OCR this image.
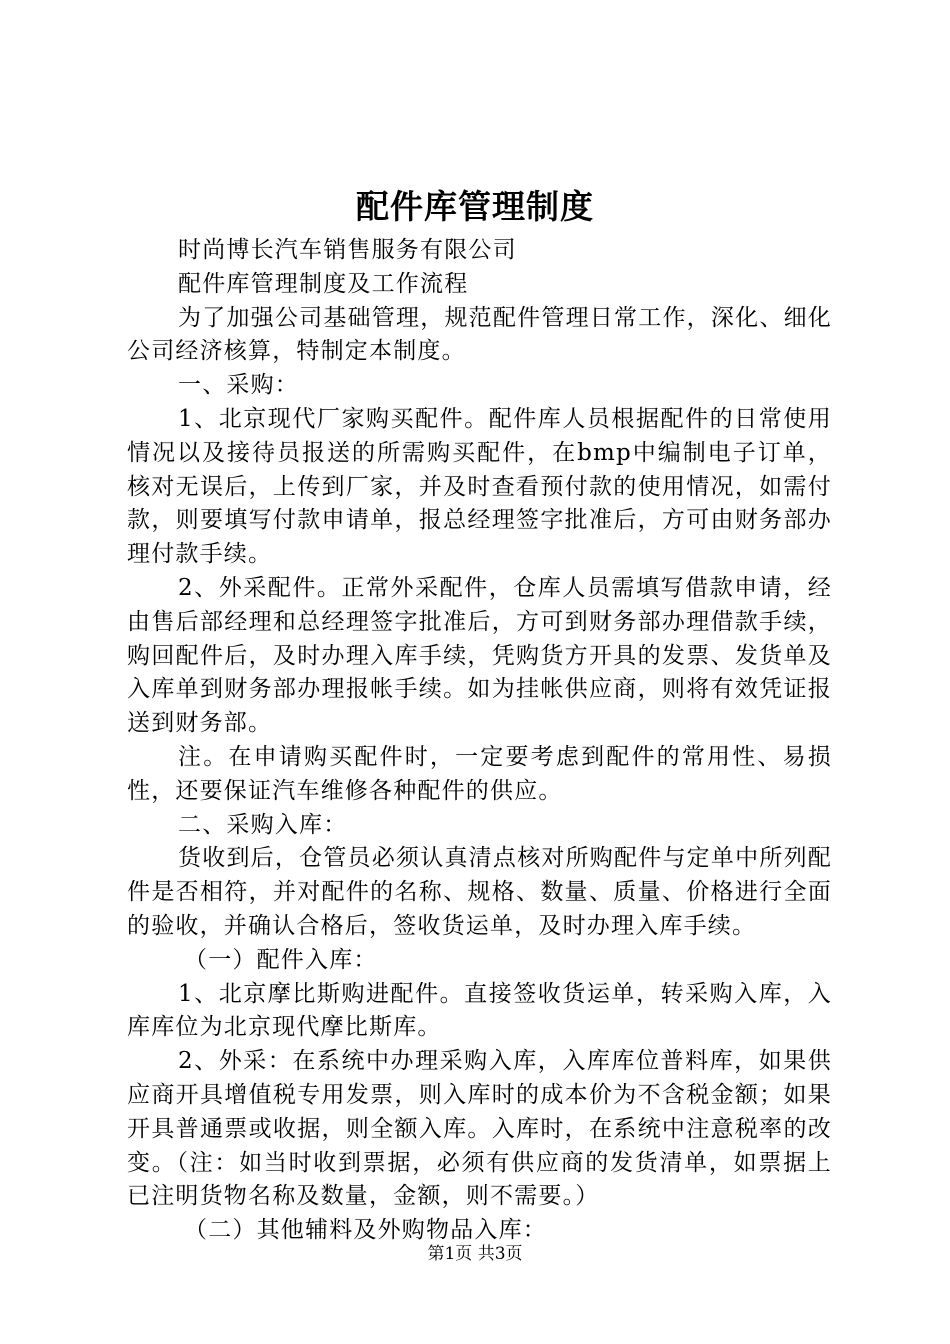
配件库管理制度

时尚博长汽车销售服务有限公司

配件库管理制度及工作流程

为了加强公司基础管理，规范配件管理日常工作，深化、细化公司经济核算，特制定本制度。

一、采购：

1、北京现代厂家购买配件。配件库人员根据配件的日常使用情况以及接待员报送的所需购买配件，在bmp中编制电子订单，核对无误后，上传到厂家，并及时查看预付款的使用情况，如需付款，则要填写付款申请单，报总经理签字批准后，方可由财务部办理付款手续。

2、外采配件。正常外采配件，仓库人员需填写借款申请，经由售后部经理和总经理签字批准后，方可到财务部办理借款手续，购回配件后，及时办理入库手续，凭购货方开具的发票、发货单及入库单到财务部办理报帐手续。如为挂帐供应商，则将有效凭证报送到财务部。

注。在申请购买配件时，一定要考虑到配件的常用性、易损性，还要保证汽车维修各种配件的供应。

二、采购入库：

货收到后，仓管员必须认真清点核对所购配件与定单中所列配件是否相符，并对配件的名称、规格、数量、质量、价格进行全面的验收，并确认合格后，签收货运单，及时办理入库手续。

（一）配件入库：

1、北京摩比斯购进配件。直接签收货运单，转采购入库，入库库位为北京现代摩比斯库。

2、外采：在系统中办理采购入库，入库库位普料库，如果供应商开具增值税专用发票，则入库时的成本价为不含税金额；如果开具普通票或收据，则全额入库。入库时，在系统中注意税率的改变。（注：如当时收到票据，必须有供应商的发货清单，如票据上已注明货物名称及数量，金额，则不需要。）

（二）其他辅料及外购物品入库：

第1页 共3页
